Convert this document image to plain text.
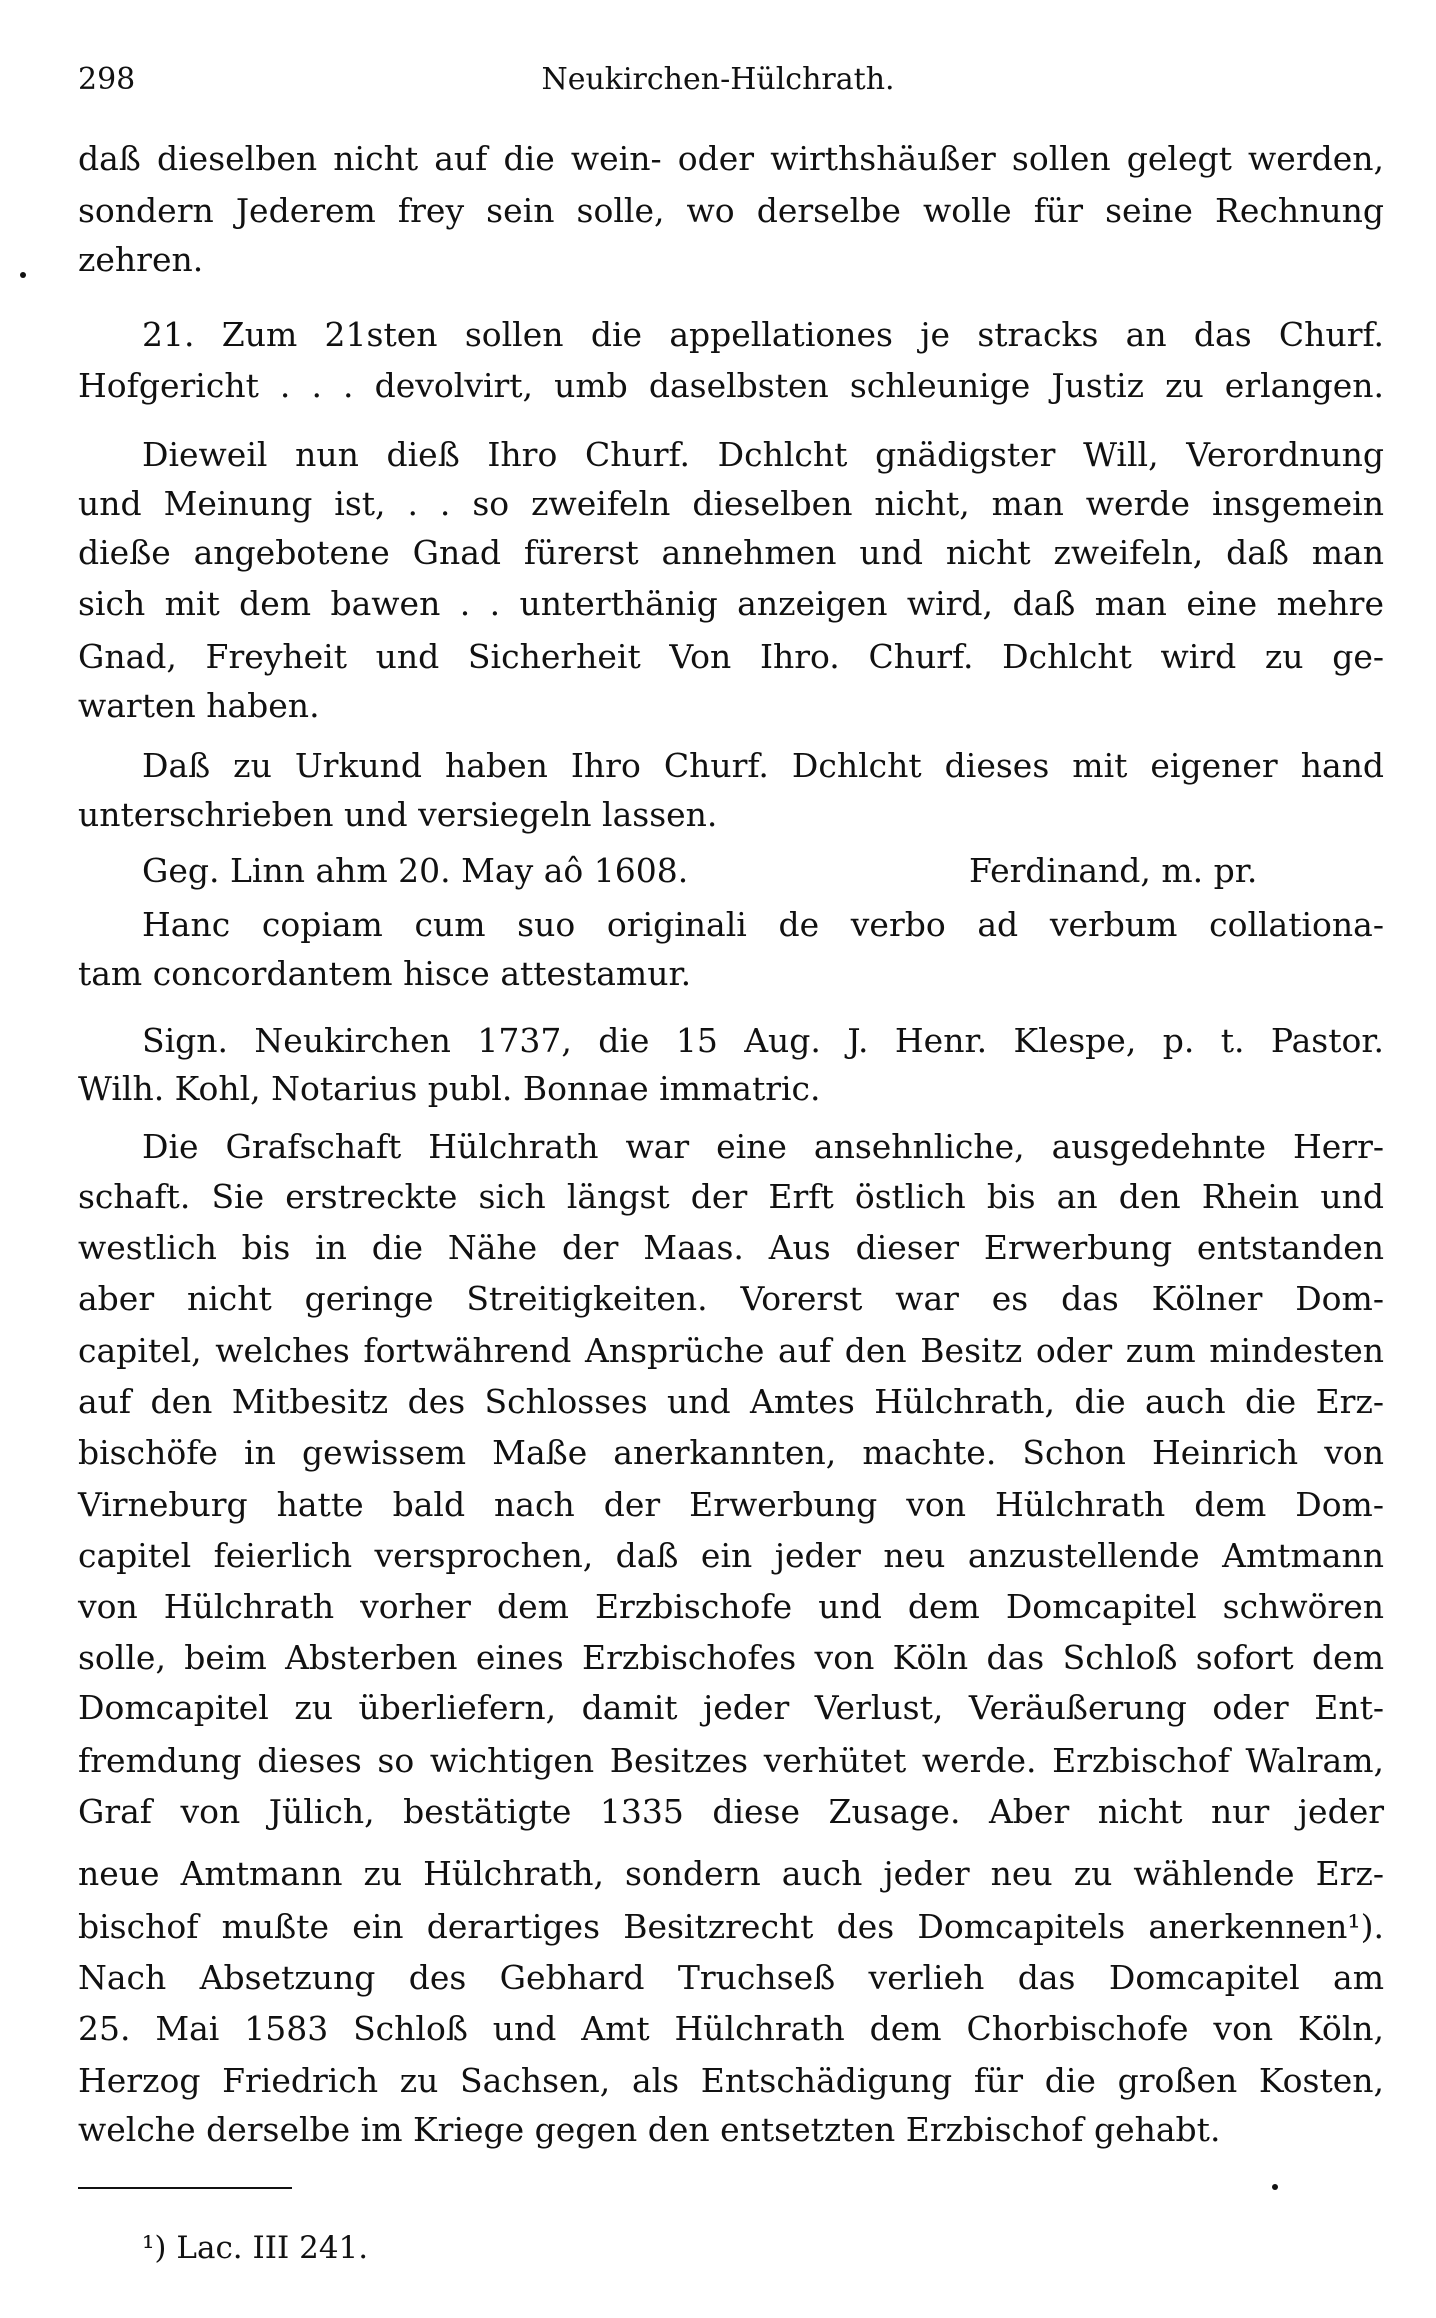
298	Neukirchen-Hülchrath.
daß dieselben nicht auf die wein- oder wirthshäußer sollen gelegt werden,
sondern Jederem frey sein solle, wo derselbe wolle für seine Rechnung
zehren.
21. Zum 21sten sollen die appellationes je stracks an das Churf.
Hofgericht . . . devolvirt, umb daselbsten schleunige Justiz zu erlangen.
Dieweil nun dieß Ihro Churf. Dchlcht gnädigster Will, Verordnung
und Meinung ist, . . so zweifeln dieselben nicht, man werde insgemein
dieße angebotene Gnad fürerst annehmen und nicht zweifeln, daß man
sich mit dem bawen . . unterthänig anzeigen wird, daß man eine mehre
Gnad, Freyheit und Sicherheit Von Ihro. Churf. Dchlcht wird zu ge-
warten haben.
Daß zu Urkund haben Ihro Churf. Dchlcht dieses mit eigener hand
unterschrieben und versiegeln lassen.
Geg. Linn ahm 20. May aô 1608.	Ferdinand, m. pr.
Hanc copiam cum suo originali de verbo ad verbum collationa-
tam concordantem hisce attestamur.
Sign. Neukirchen 1737, die 15 Aug. J. Henr. Klespe, p. t. Pastor.
Wilh. Kohl, Notarius publ. Bonnae immatric.
Die Grafschaft Hülchrath war eine ansehnliche, ausgedehnte Herr-
schaft. Sie erstreckte sich längst der Erft östlich bis an den Rhein und
westlich bis in die Nähe der Maas. Aus dieser Erwerbung entstanden
aber nicht geringe Streitigkeiten. Vorerst war es das Kölner Dom-
capitel, welches fortwährend Ansprüche auf den Besitz oder zum mindesten
auf den Mitbesitz des Schlosses und Amtes Hülchrath, die auch die Erz-
bischöfe in gewissem Maße anerkannten, machte. Schon Heinrich von
Virneburg hatte bald nach der Erwerbung von Hülchrath dem Dom-
capitel feierlich versprochen, daß ein jeder neu anzustellende Amtmann
von Hülchrath vorher dem Erzbischofe und dem Domcapitel schwören
solle, beim Absterben eines Erzbischofes von Köln das Schloß sofort dem
Domcapitel zu überliefern, damit jeder Verlust, Veräußerung oder Ent-
fremdung dieses so wichtigen Besitzes verhütet werde. Erzbischof Walram,
Graf von Jülich, bestätigte 1335 diese Zusage. Aber nicht nur jeder
neue Amtmann zu Hülchrath, sondern auch jeder neu zu wählende Erz-
bischof mußte ein derartiges Besitzrecht des Domcapitels anerkennen¹).
Nach Absetzung des Gebhard Truchseß verlieh das Domcapitel am
25. Mai 1583 Schloß und Amt Hülchrath dem Chorbischofe von Köln,
Herzog Friedrich zu Sachsen, als Entschädigung für die großen Kosten,
welche derselbe im Kriege gegen den entsetzten Erzbischof gehabt.
¹) Lac. III 241.
